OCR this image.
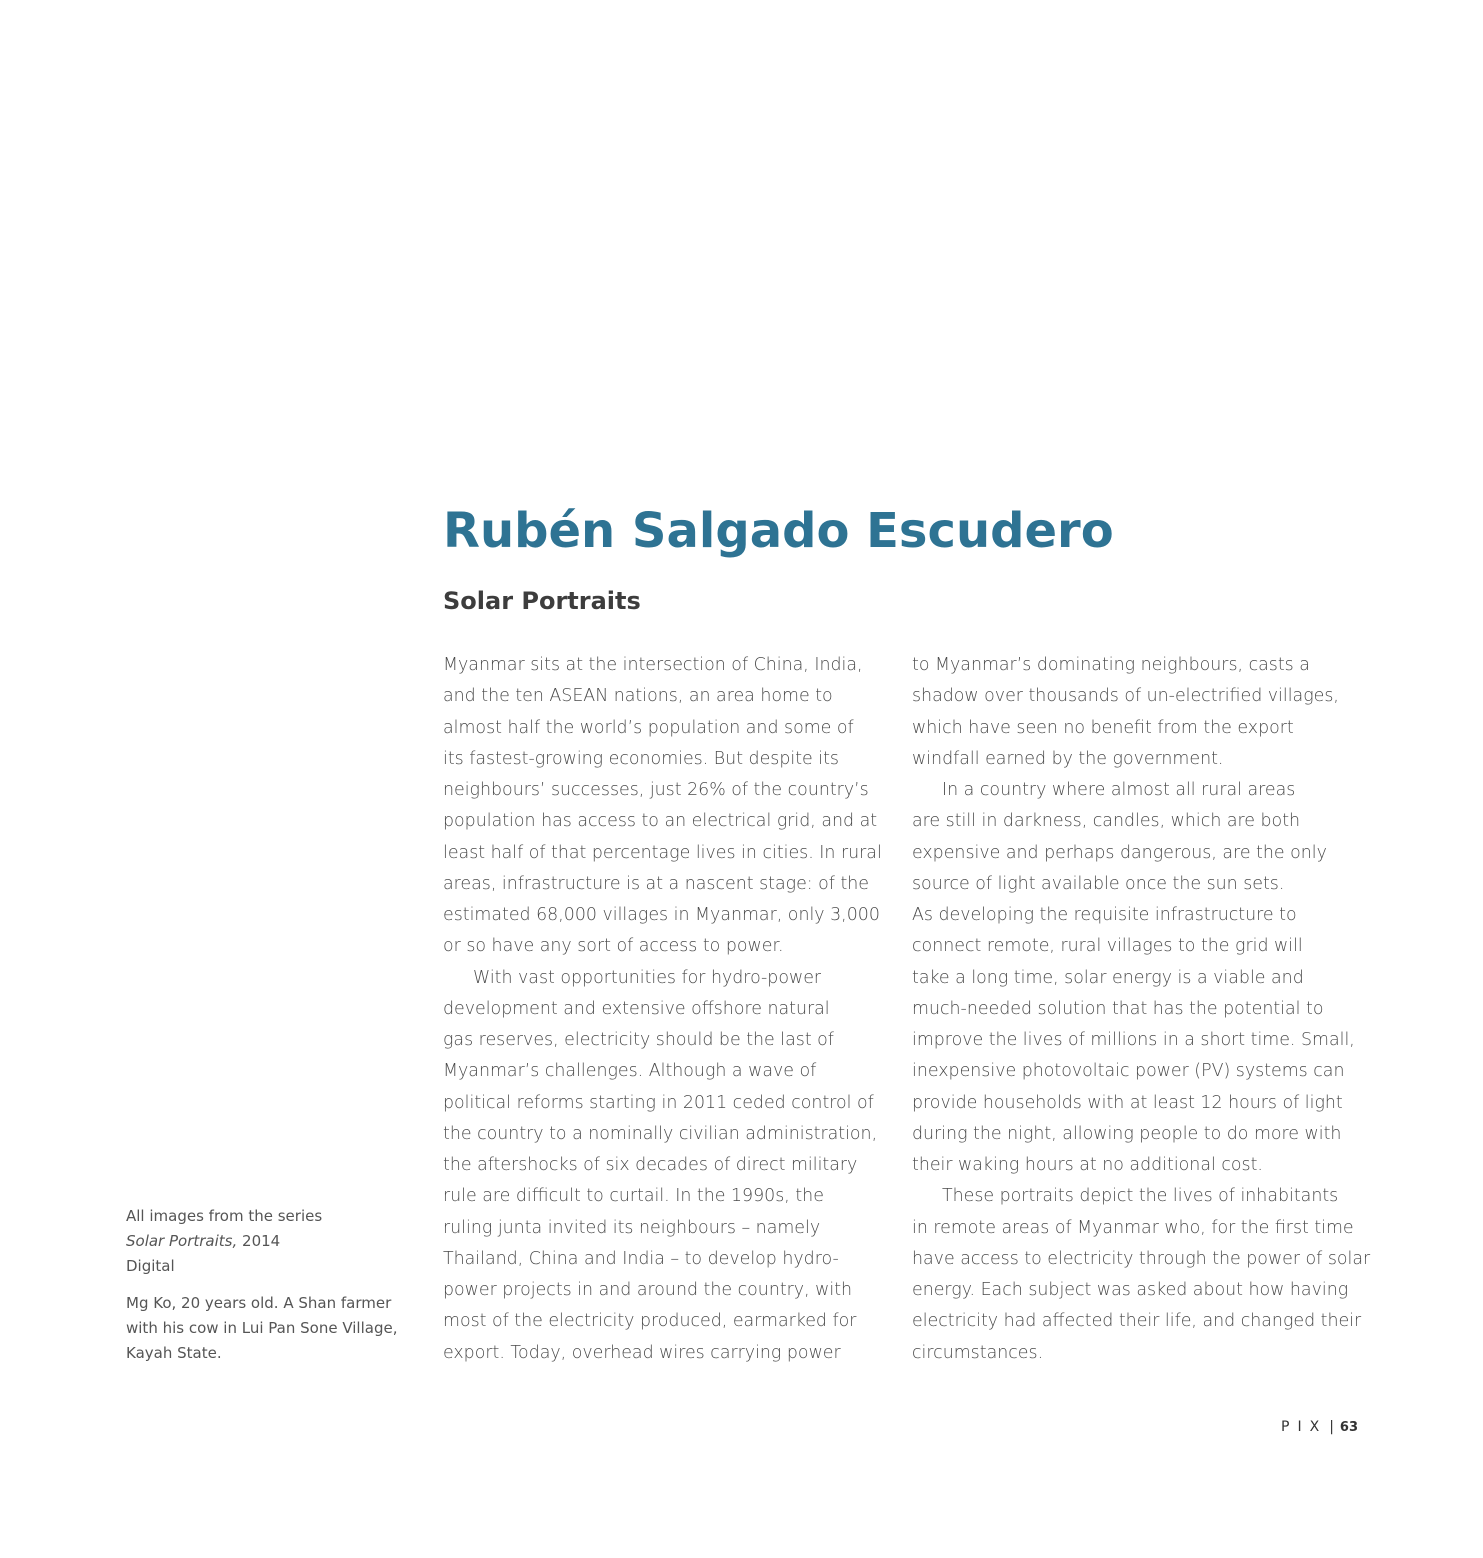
Rubén Salgado Escudero
Solar Portraits
Myanmar sits at the intersection of China, India,
and the ten ASEAN nations, an area home to
almost half the world’s population and some of
its fastest-growing economies. But despite its
neighbours’ successes, just 26% of the country’s
population has access to an electrical grid, and at
least half of that percentage lives in cities. In rural
areas, infrastructure is at a nascent stage: of the
estimated 68,000 villages in Myanmar, only 3,000
or so have any sort of access to power.
With vast opportunities for hydro-power
development and extensive offshore natural
gas reserves, electricity should be the last of
Myanmar’s challenges. Although a wave of
political reforms starting in 2011 ceded control of
the country to a nominally civilian administration,
the aftershocks of six decades of direct military
rule are difficult to curtail. In the 1990s, the
ruling junta invited its neighbours – namely
Thailand, China and India – to develop hydro-
power projects in and around the country, with
most of the electricity produced, earmarked for
export. Today, overhead wires carrying power
to Myanmar’s dominating neighbours, casts a
shadow over thousands of un-electrified villages,
which have seen no benefit from the export
windfall earned by the government.
In a country where almost all rural areas
are still in darkness, candles, which are both
expensive and perhaps dangerous, are the only
source of light available once the sun sets.
As developing the requisite infrastructure to
connect remote, rural villages to the grid will
take a long time, solar energy is a viable and
much-needed solution that has the potential to
improve the lives of millions in a short time. Small,
inexpensive photovoltaic power (PV) systems can
provide households with at least 12 hours of light
during the night, allowing people to do more with
their waking hours at no additional cost.
These portraits depict the lives of inhabitants
in remote areas of Myanmar who, for the first time
have access to electricity through the power of solar
energy. Each subject was asked about how having
electricity had affected their life, and changed their
circumstances.
All images from the series
Solar Portraits, 2014
Digital
Mg Ko, 20 years old. A Shan farmer
with his cow in Lui Pan Sone Village,
Kayah State.
PIX | 63
